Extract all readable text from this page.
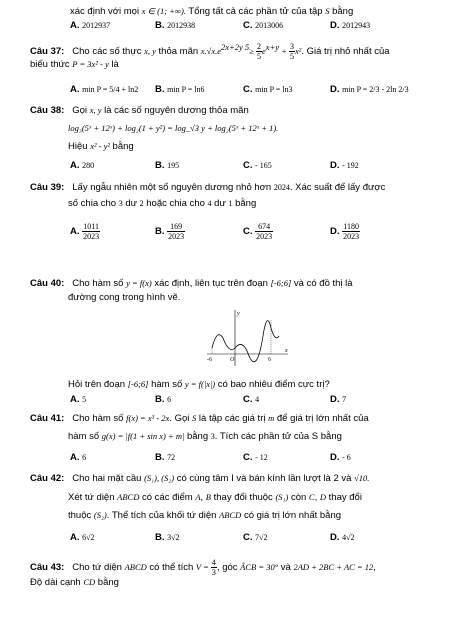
xác định với mọi x ∈ (1; +∞). Tổng tất cả các phần tử của tập S bằng
A. 2012937	B. 2012938	C. 2013006	D. 2012943
Câu 37: Cho các số thực x, y thỏa mãn $x.√x.e^{2x+2y 5}\ge \frac{2}{5} e^{x+y} + \frac{3}{5} x^2$. Giá trị nhỏ nhất của
biểu thức P = 3x² - y là
A. min P = 5/4 + ln2 B. min P = ln6	C. min P = ln3	D. min P = 2/3 - 2ln 2/3
Câu 38: Gọi x, y là các số nguyên dương thỏa mãn
log₃(5ˣ + 12ˣ) + log₂(1 + y²) = log_√3 y + log₂(5ˣ + 12ˣ + 1).
Hiệu x² - y² bằng
A. 280	B. 195	C. - 165	D. - 192
Câu 39: Lấy ngẫu nhiên một số nguyên dương nhỏ hơn 2024. Xác suất để lấy được
số chia cho 3 dư 2 hoặc chia cho 4 dư 1 bằng
A. $\frac{1011}{2023}$	B. $\frac{169}{2023}$	C. $\frac{674}{2023}$	D. $\frac{1180}{2023}$
Câu 40: Cho hàm số y = f(x) xác định, liên tục trên đoạn [-6;6] và có đồ thị là
đường cong trong hình vẽ.
y
x
O
-6	6
Hỏi trên đoạn [-6;6] hàm số y = f(|x|) có bao nhiêu điểm cực trị?
A. 5	B. 6	C. 4	D. 7
Câu 41: Cho hàm số f(x) = x³ - 2x. Gọi S là tập các giá trị m để giá trị lớn nhất của
hàm số g(x) = |f(1 + sin x) + m| bằng 3. Tích các phần tử của S bằng
A. 6	B. 72	C. - 12	D. - 6
Câu 42: Cho hai mặt cầu (S₁), (S₂) có cùng tâm I và bán kính lần lượt là 2 và √10.
Xét tứ diện ABCD có các điểm A, B thay đổi thuộc (S₁) còn C, D thay đổi
thuộc (S₂). Thể tích của khối tứ diện ABCD có giá trị lớn nhất bằng
A. 6√2	B. 3√2	C. 7√2	D. 4√2
Câu 43: Cho tứ diện ABCD có thể tích $V = \frac{4}{3}$ , góc ÂCB = 30° và 2AD + 2BC + AC = 12,
Độ dài cạnh CD bằng
